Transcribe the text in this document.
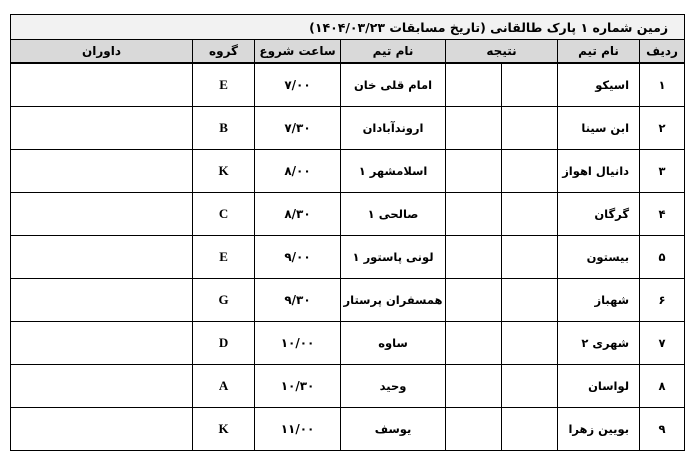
زمین شماره ۱ پارک طالقانی (تاریخ مسابقات ۱۴۰۴/۰۳/۲۳)							
ردیف	نام تیم	نتیجه		نام تیم	ساعت شروع	گروه	داوران
۱	اسیکو			امام قلی خان	۷/۰۰	E	
۲	ابن سینا			اروندآبادان	۷/۳۰	B	
۳	دانیال اهواز			اسلامشهر ۱	۸/۰۰	K	
۴	گرگان			صالحی ۱	۸/۳۰	C	
۵	بیستون			لونی پاستور ۱	۹/۰۰	E	
۶	شهباز			همسفران پرستار	۹/۳۰	G	
۷	شهری ۲			ساوه	۱۰/۰۰	D	
۸	لواسان			وحید	۱۰/۳۰	A	
۹	بویین زهرا			یوسف	۱۱/۰۰	K	
